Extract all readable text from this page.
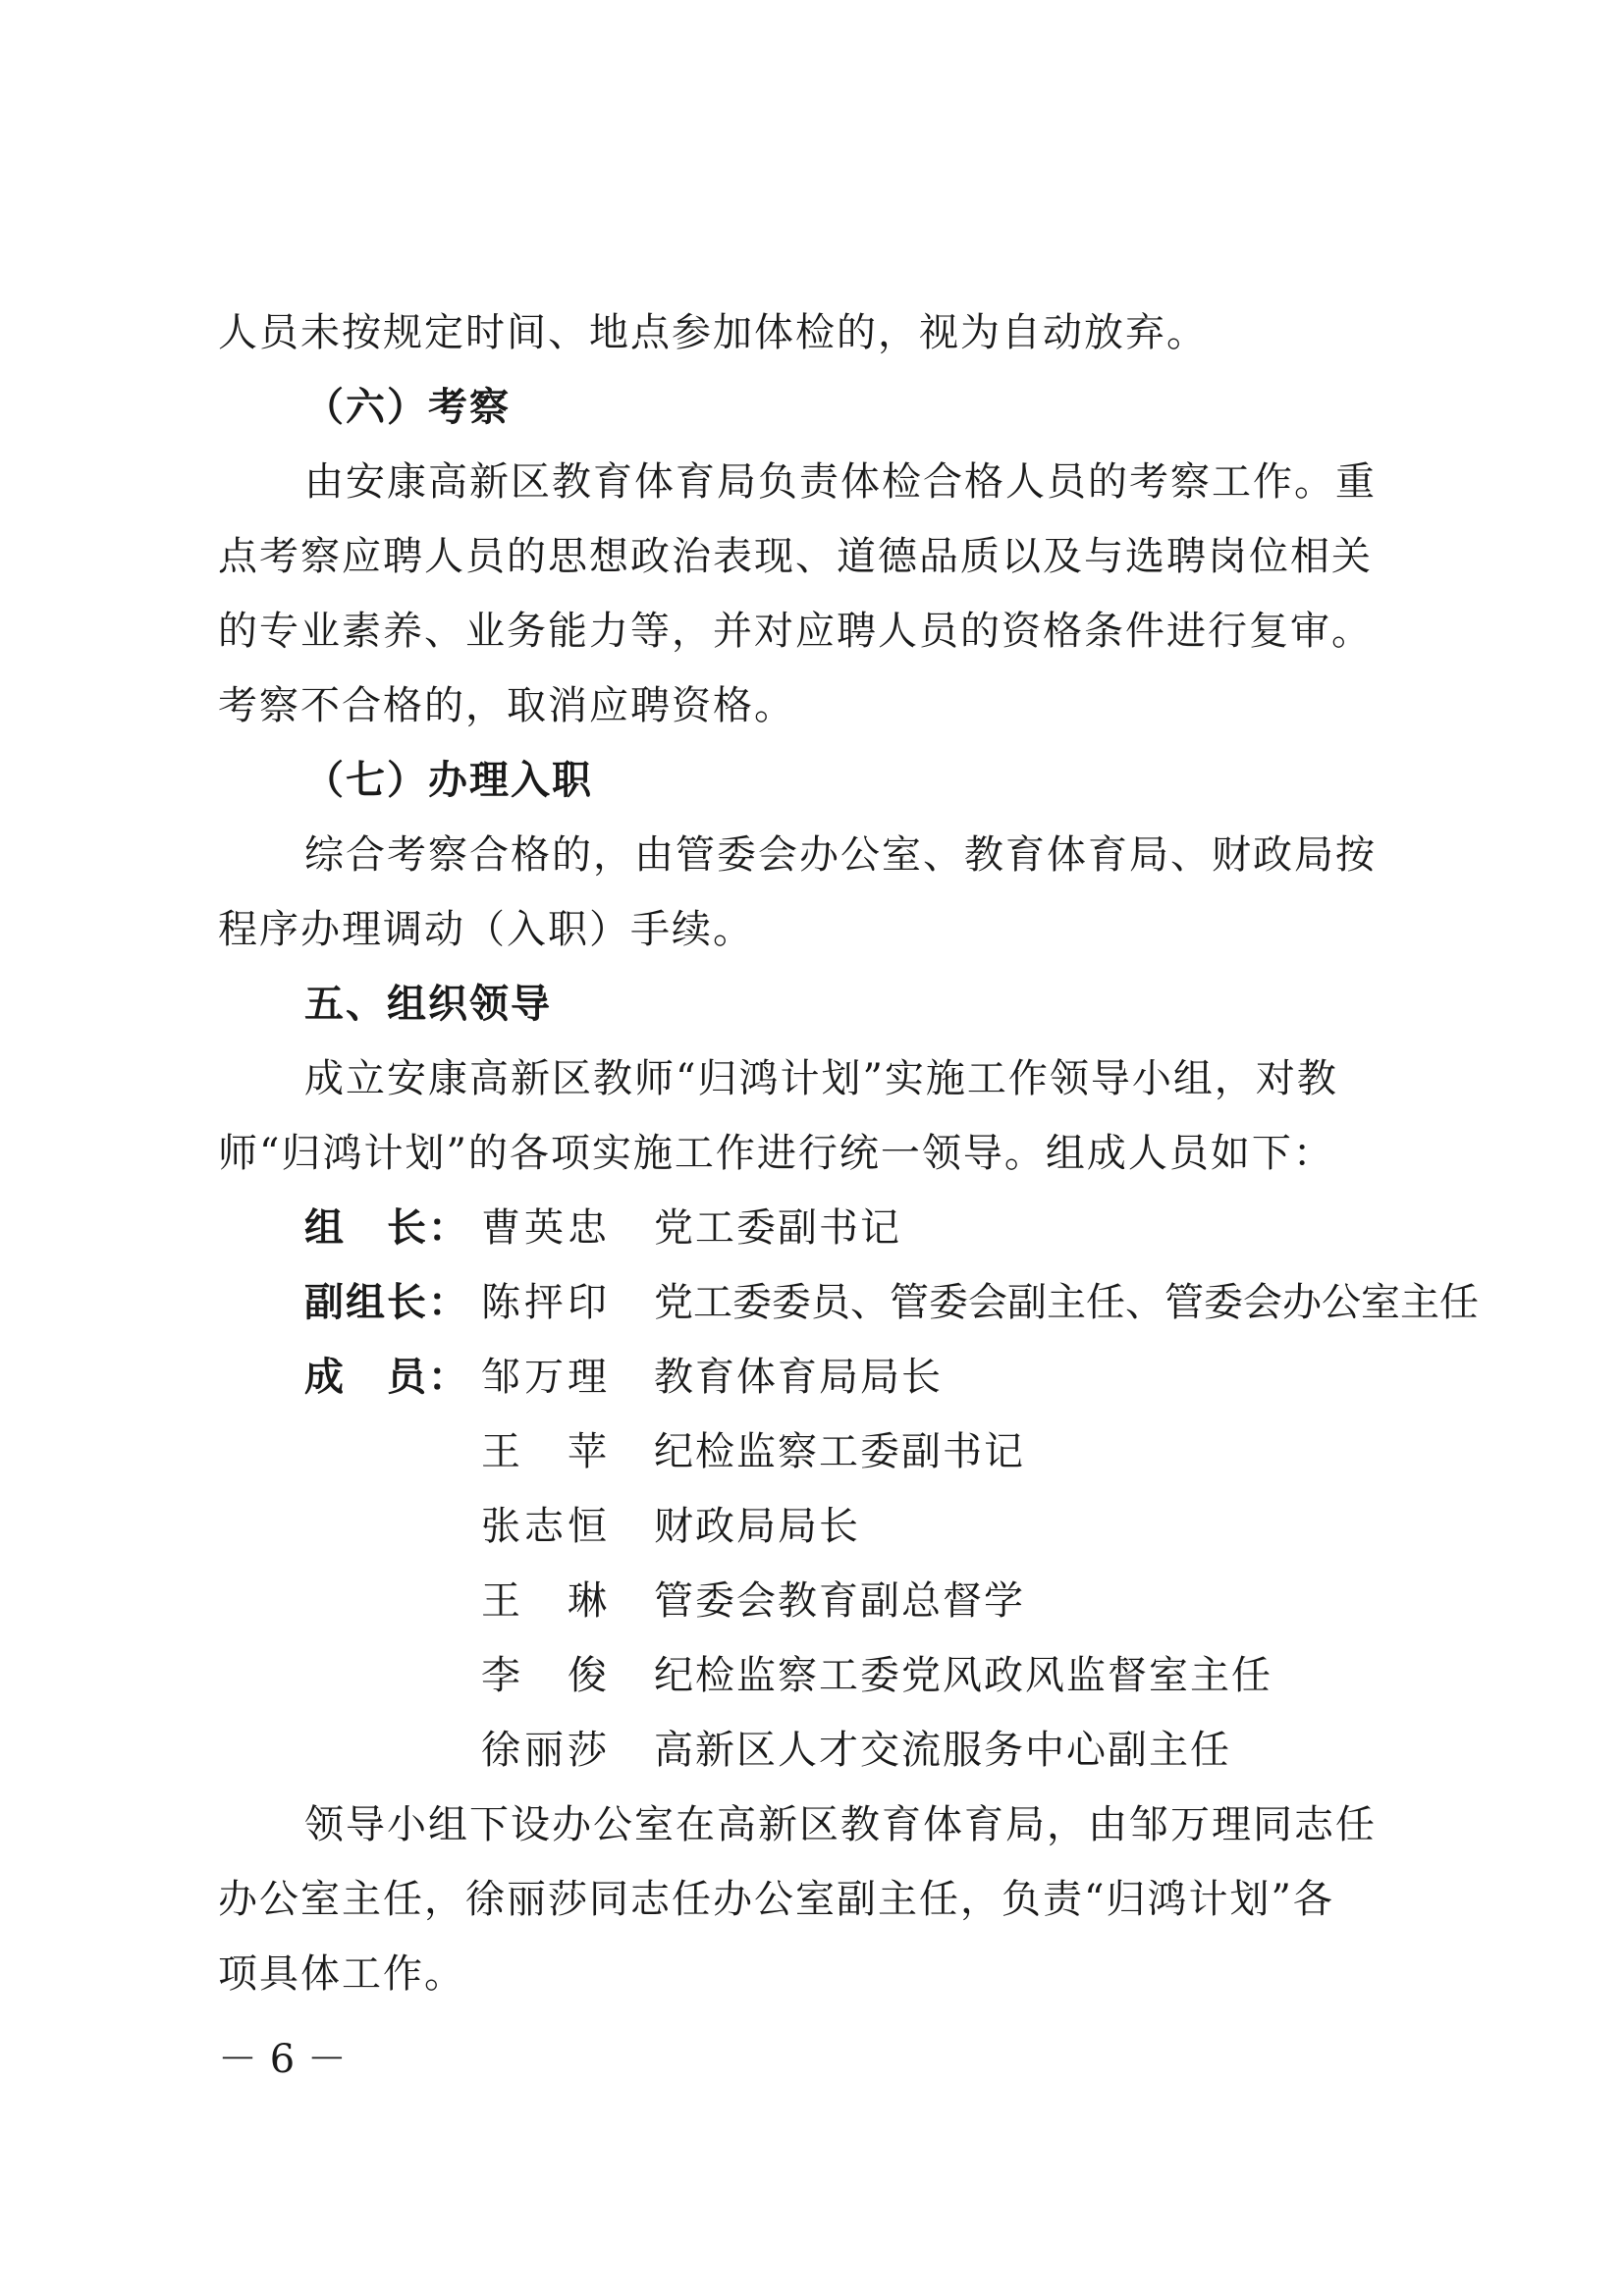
人员未按规定时间、地点参加体检的，视为自动放弃。
（六）考察
由安康高新区教育体育局负责体检合格人员的考察工作。重
点考察应聘人员的思想政治表现、道德品质以及与选聘岗位相关
的专业素养、业务能力等，并对应聘人员的资格条件进行复审。
考察不合格的，取消应聘资格。
（七）办理入职
综合考察合格的，由管委会办公室、教育体育局、财政局按
程序办理调动（入职）手续。
五、组织领导
成立安康高新区教师“归鸿计划”实施工作领导小组，对教
师“归鸿计划”的各项实施工作进行统一领导。组成人员如下：
组　长： 曹英忠 党工委副书记
副组长： 陈抨印 党工委委员、管委会副主任、管委会办公室主任
成　员： 邹万理 教育体育局局长
王　苹 纪检监察工委副书记
张志恒 财政局局长
王　琳 管委会教育副总督学
李　俊 纪检监察工委党风政风监督室主任
徐丽莎 高新区人才交流服务中心副主任
领导小组下设办公室在高新区教育体育局，由邹万理同志任
办公室主任，徐丽莎同志任办公室副主任，负责“归鸿计划”各
项具体工作。
－ 6 －
